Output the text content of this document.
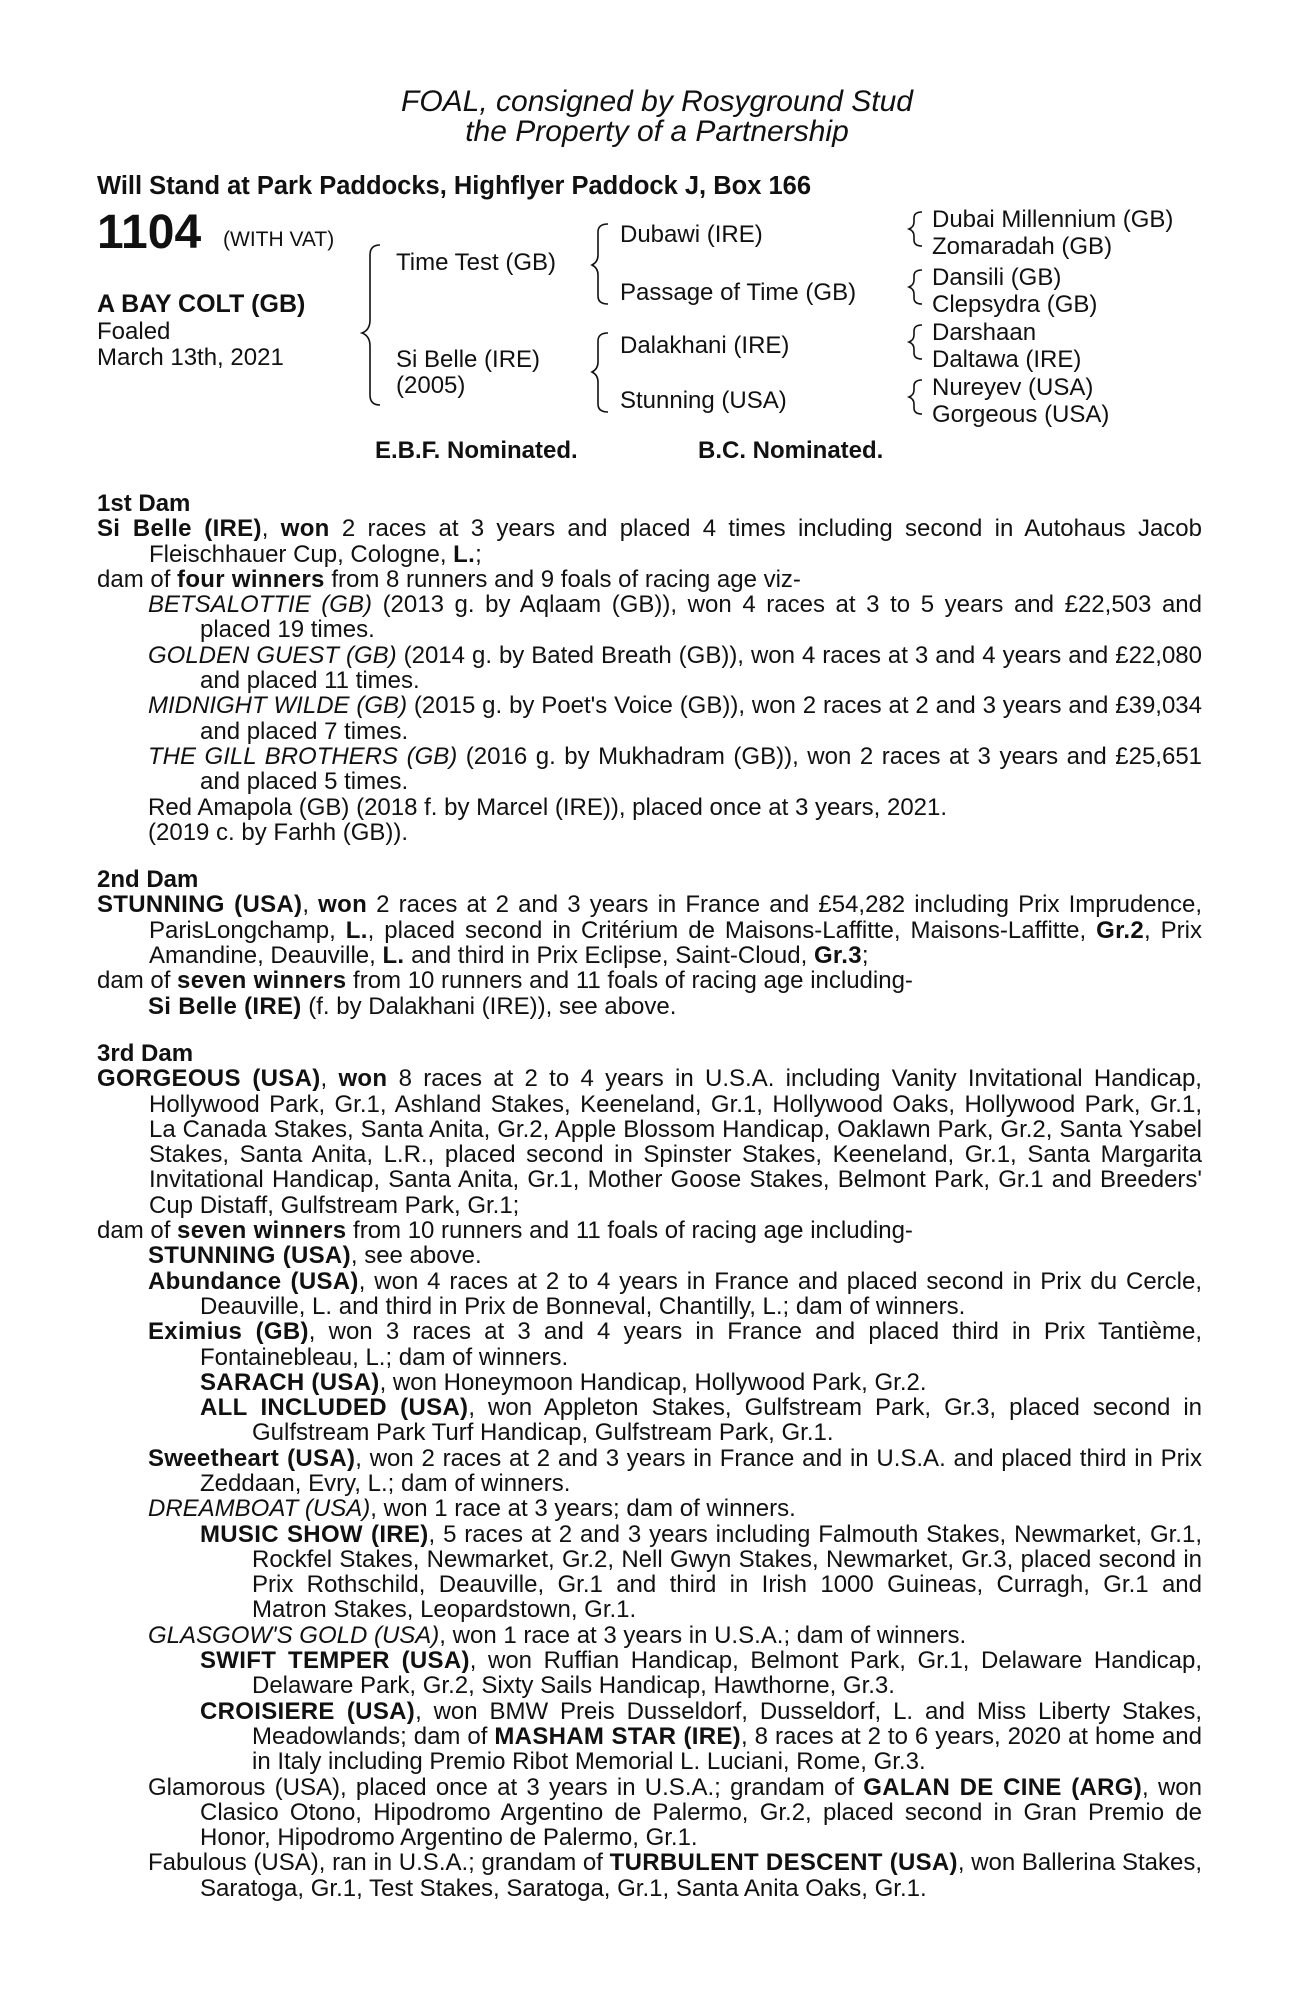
FOAL, consigned by Rosyground Stud
the Property of a Partnership
Will Stand at Park Paddocks, Highflyer Paddock J, Box 166
1104 (WITH VAT)
A BAY COLT (GB)
Foaled
March 13th, 2021
Time Test (GB)
Si Belle (IRE)
(2005)
Dubawi (IRE)
Passage of Time (GB)
Dalakhani (IRE)
Stunning (USA)
Dubai Millennium (GB)
Zomaradah (GB)
Dansili (GB)
Clepsydra (GB)
Darshaan
Daltawa (IRE)
Nureyev (USA)
Gorgeous (USA)
E.B.F. Nominated.	B.C. Nominated.
1st Dam
Si Belle (IRE), won 2 races at 3 years and placed 4 times including second in Autohaus Jacob Fleischhauer Cup, Cologne, L.;
dam of four winners from 8 runners and 9 foals of racing age viz-
BETSALOTTIE (GB) (2013 g. by Aqlaam (GB)), won 4 races at 3 to 5 years and £22,503 and placed 19 times.
GOLDEN GUEST (GB) (2014 g. by Bated Breath (GB)), won 4 races at 3 and 4 years and £22,080 and placed 11 times.
MIDNIGHT WILDE (GB) (2015 g. by Poet's Voice (GB)), won 2 races at 2 and 3 years and £39,034 and placed 7 times.
THE GILL BROTHERS (GB) (2016 g. by Mukhadram (GB)), won 2 races at 3 years and £25,651 and placed 5 times.
Red Amapola (GB) (2018 f. by Marcel (IRE)), placed once at 3 years, 2021.
(2019 c. by Farhh (GB)).
2nd Dam
STUNNING (USA), won 2 races at 2 and 3 years in France and £54,282 including Prix Imprudence, ParisLongchamp, L., placed second in Critérium de Maisons-Laffitte, Maisons-Laffitte, Gr.2, Prix Amandine, Deauville, L. and third in Prix Eclipse, Saint-Cloud, Gr.3;
dam of seven winners from 10 runners and 11 foals of racing age including-
Si Belle (IRE) (f. by Dalakhani (IRE)), see above.
3rd Dam
GORGEOUS (USA), won 8 races at 2 to 4 years in U.S.A. including Vanity Invitational Handicap, Hollywood Park, Gr.1, Ashland Stakes, Keeneland, Gr.1, Hollywood Oaks, Hollywood Park, Gr.1, La Canada Stakes, Santa Anita, Gr.2, Apple Blossom Handicap, Oaklawn Park, Gr.2, Santa Ysabel Stakes, Santa Anita, L.R., placed second in Spinster Stakes, Keeneland, Gr.1, Santa Margarita Invitational Handicap, Santa Anita, Gr.1, Mother Goose Stakes, Belmont Park, Gr.1 and Breeders' Cup Distaff, Gulfstream Park, Gr.1;
dam of seven winners from 10 runners and 11 foals of racing age including-
STUNNING (USA), see above.
Abundance (USA), won 4 races at 2 to 4 years in France and placed second in Prix du Cercle, Deauville, L. and third in Prix de Bonneval, Chantilly, L.; dam of winners.
Eximius (GB), won 3 races at 3 and 4 years in France and placed third in Prix Tantième, Fontainebleau, L.; dam of winners.
SARACH (USA), won Honeymoon Handicap, Hollywood Park, Gr.2.
ALL INCLUDED (USA), won Appleton Stakes, Gulfstream Park, Gr.3, placed second in Gulfstream Park Turf Handicap, Gulfstream Park, Gr.1.
Sweetheart (USA), won 2 races at 2 and 3 years in France and in U.S.A. and placed third in Prix Zeddaan, Evry, L.; dam of winners.
DREAMBOAT (USA), won 1 race at 3 years; dam of winners.
MUSIC SHOW (IRE), 5 races at 2 and 3 years including Falmouth Stakes, Newmarket, Gr.1, Rockfel Stakes, Newmarket, Gr.2, Nell Gwyn Stakes, Newmarket, Gr.3, placed second in Prix Rothschild, Deauville, Gr.1 and third in Irish 1000 Guineas, Curragh, Gr.1 and Matron Stakes, Leopardstown, Gr.1.
GLASGOW'S GOLD (USA), won 1 race at 3 years in U.S.A.; dam of winners.
SWIFT TEMPER (USA), won Ruffian Handicap, Belmont Park, Gr.1, Delaware Handicap, Delaware Park, Gr.2, Sixty Sails Handicap, Hawthorne, Gr.3.
CROISIERE (USA), won BMW Preis Dusseldorf, Dusseldorf, L. and Miss Liberty Stakes, Meadowlands; dam of MASHAM STAR (IRE), 8 races at 2 to 6 years, 2020 at home and in Italy including Premio Ribot Memorial L. Luciani, Rome, Gr.3.
Glamorous (USA), placed once at 3 years in U.S.A.; grandam of GALAN DE CINE (ARG), won Clasico Otono, Hipodromo Argentino de Palermo, Gr.2, placed second in Gran Premio de Honor, Hipodromo Argentino de Palermo, Gr.1.
Fabulous (USA), ran in U.S.A.; grandam of TURBULENT DESCENT (USA), won Ballerina Stakes, Saratoga, Gr.1, Test Stakes, Saratoga, Gr.1, Santa Anita Oaks, Gr.1.
